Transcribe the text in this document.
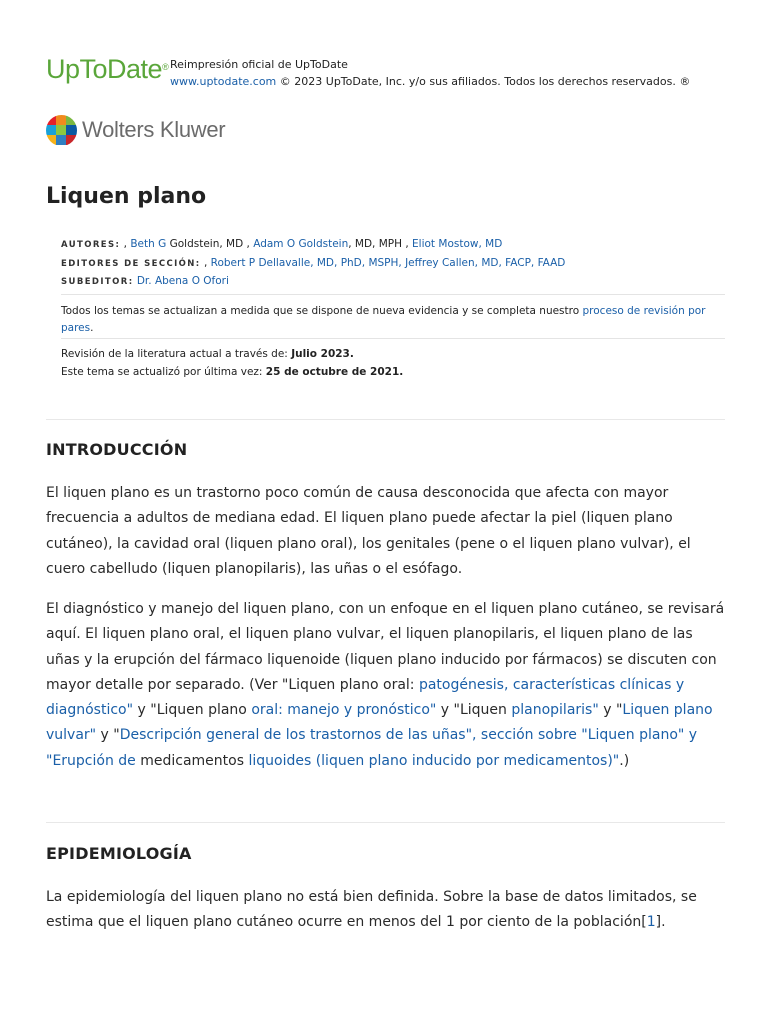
UpToDate® Reimpresión oficial de UpToDate
www.uptodate.com © 2023 UpToDate, Inc. y/o sus afiliados. Todos los derechos reservados. ®
Wolters Kluwer
Liquen plano
AUTORES: , Beth G Goldstein, MD , Adam O Goldstein, MD, MPH , Eliot Mostow, MD
EDITORES DE SECCIÓN: , Robert P Dellavalle, MD, PhD, MSPH, Jeffrey Callen, MD, FACP, FAAD
SUBEDITOR: Dr. Abena O Ofori
Todos los temas se actualizan a medida que se dispone de nueva evidencia y se completa nuestro proceso de revisión por pares.
Revisión de la literatura actual a través de: Julio 2023.
Este tema se actualizó por última vez: 25 de octubre de 2021.
INTRODUCCIÓN

El liquen plano es un trastorno poco común de causa desconocida que afecta con mayor frecuencia a adultos de mediana edad. El liquen plano puede afectar la piel (liquen plano cutáneo), la cavidad oral (liquen plano oral), los genitales (pene o el liquen plano vulvar), el cuero cabelludo (liquen planopilaris), las uñas o el esófago.

El diagnóstico y manejo del liquen plano, con un enfoque en el liquen plano cutáneo, se revisará aquí. El liquen plano oral, el liquen plano vulvar, el liquen planopilaris, el liquen plano de las uñas y la erupción del fármaco liquenoide (liquen plano inducido por fármacos) se discuten con mayor detalle por separado. (Ver "Liquen plano oral: patogénesis, características clínicas y diagnóstico" y "Liquen plano oral: manejo y pronóstico" y "Liquen planopilaris" y "Liquen plano vulvar" y "Descripción general de los trastornos de las uñas", sección sobre "Liquen plano" y "Erupción de medicamentos liquoides (liquen plano inducido por medicamentos)".)

EPIDEMIOLOGÍA

La epidemiología del liquen plano no está bien definida. Sobre la base de datos limitados, se estima que el liquen plano cutáneo ocurre en menos del 1 por ciento de la población[1].
